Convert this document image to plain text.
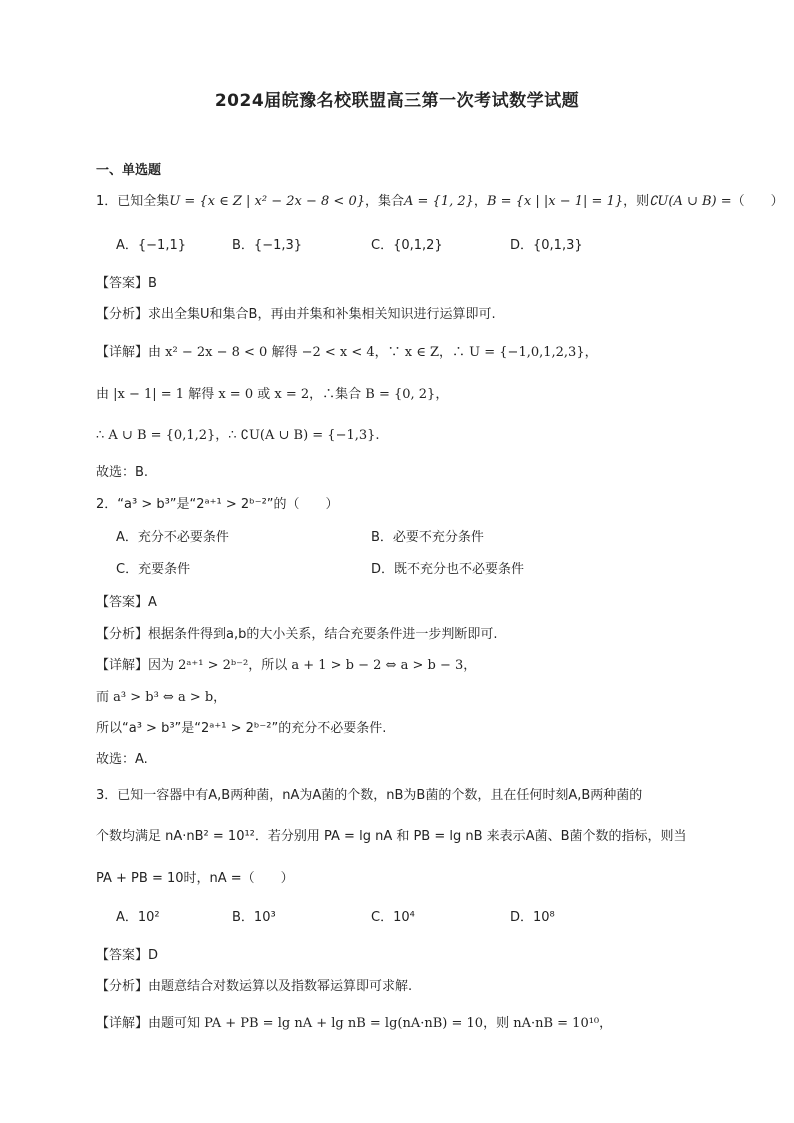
2024届皖豫名校联盟高三第一次考试数学试题
一、单选题
1．已知全集U = {x ∈ Z | x² − 2x − 8 < 0}，集合A = {1, 2}，B = {x | |x − 1| = 1}，则∁U(A ∪ B) =（　　）
A．{−1,1}	B．{−1,3}	C．{0,1,2}	D．{0,1,3}
【答案】B
【分析】求出全集U和集合B，再由并集和补集相关知识进行运算即可.
【详解】由 x² − 2x − 8 < 0 解得 −2 < x < 4，∵ x ∈ Z，∴ U = {−1,0,1,2,3}，
由 |x − 1| = 1 解得 x = 0 或 x = 2，∴集合 B = {0, 2}，
∴ A ∪ B = {0,1,2}，∴ ∁U(A ∪ B) = {−1,3}.
故选：B.
2．“a³ > b³”是“2ᵃ⁺¹ > 2ᵇ⁻²”的（　　）
A．充分不必要条件	B．必要不充分条件
C．充要条件	D．既不充分也不必要条件
【答案】A
【分析】根据条件得到a,b的大小关系，结合充要条件进一步判断即可.
【详解】因为 2ᵃ⁺¹ > 2ᵇ⁻²，所以 a + 1 > b − 2 ⇔ a > b − 3，
而 a³ > b³ ⇔ a > b，
所以“a³ > b³”是“2ᵃ⁺¹ > 2ᵇ⁻²”的充分不必要条件.
故选：A.
3．已知一容器中有A,B两种菌，nA为A菌的个数，nB为B菌的个数，且在任何时刻A,B两种菌的
个数均满足 nA·nB² = 10¹²．若分别用 PA = lg nA 和 PB = lg nB 来表示A菌、B菌个数的指标，则当
PA + PB = 10时，nA =（　　）
A．10²	B．10³	C．10⁴	D．10⁸
【答案】D
【分析】由题意结合对数运算以及指数幂运算即可求解.
【详解】由题可知 PA + PB = lg nA + lg nB = lg(nA·nB) = 10，则 nA·nB = 10¹⁰，
